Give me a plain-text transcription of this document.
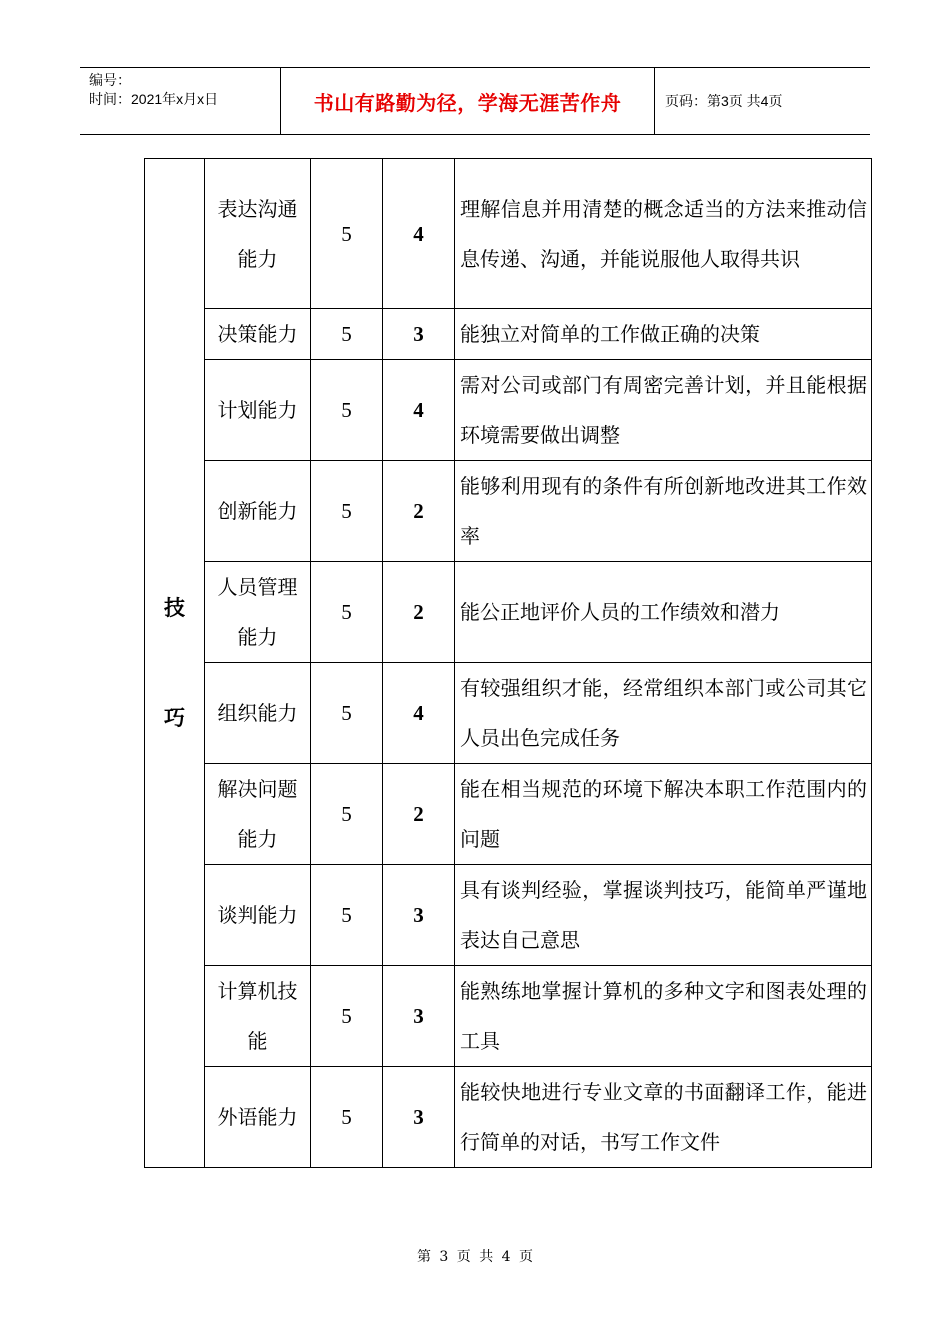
编号：
时间：2021年x月x日	书山有路勤为径，学海无涯苦作舟	页码：第3页 共4页
技
巧	表达沟通能力	5	4	理解信息并用清楚的概念适当的方法来推动信息传递、沟通，并能说服他人取得共识
	决策能力	5	3	能独立对简单的工作做正确的决策
	计划能力	5	4	需对公司或部门有周密完善计划，并且能根据环境需要做出调整
	创新能力	5	2	能够利用现有的条件有所创新地改进其工作效率
	人员管理能力	5	2	能公正地评价人员的工作绩效和潜力
	组织能力	5	4	有较强组织才能，经常组织本部门或公司其它人员出色完成任务
	解决问题能力	5	2	能在相当规范的环境下解决本职工作范围内的问题
	谈判能力	5	3	具有谈判经验，掌握谈判技巧，能简单严谨地表达自己意思
	计算机技能	5	3	能熟练地掌握计算机的多种文字和图表处理的工具
	外语能力	5	3	能较快地进行专业文章的书面翻译工作，能进行简单的对话，书写工作文件
第 3 页 共 4 页
